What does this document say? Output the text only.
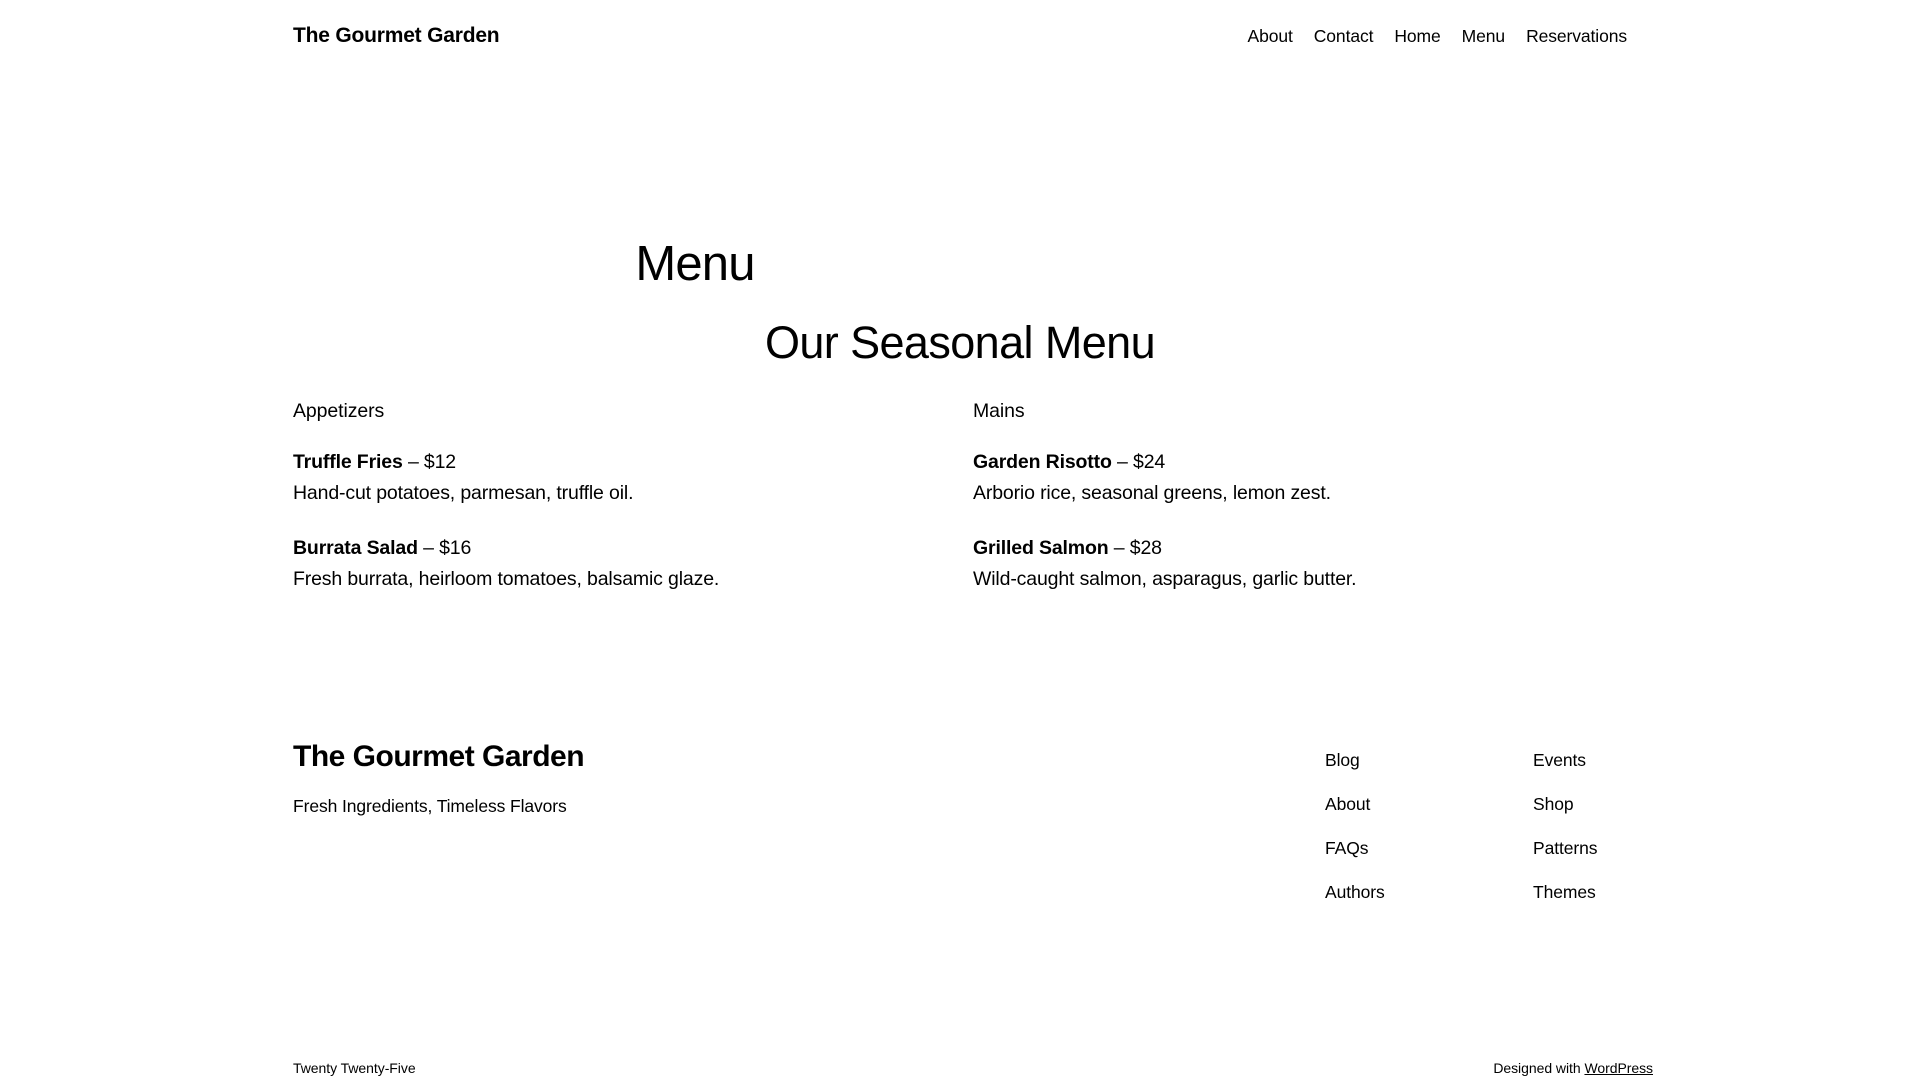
The Gourmet Garden	About Contact Home Menu Reservations
Menu
Our Seasonal Menu
Appetizers
Truffle Fries – $12
Hand-cut potatoes, parmesan, truffle oil.
Burrata Salad – $16
Fresh burrata, heirloom tomatoes, balsamic glaze.
Mains
Garden Risotto – $24
Arborio rice, seasonal greens, lemon zest.
Grilled Salmon – $28
Wild-caught salmon, asparagus, garlic butter.
The Gourmet Garden
Fresh Ingredients, Timeless Flavors
Blog
About
FAQs
Authors
Events
Shop
Patterns
Themes
Twenty Twenty-Five	Designed with WordPress
